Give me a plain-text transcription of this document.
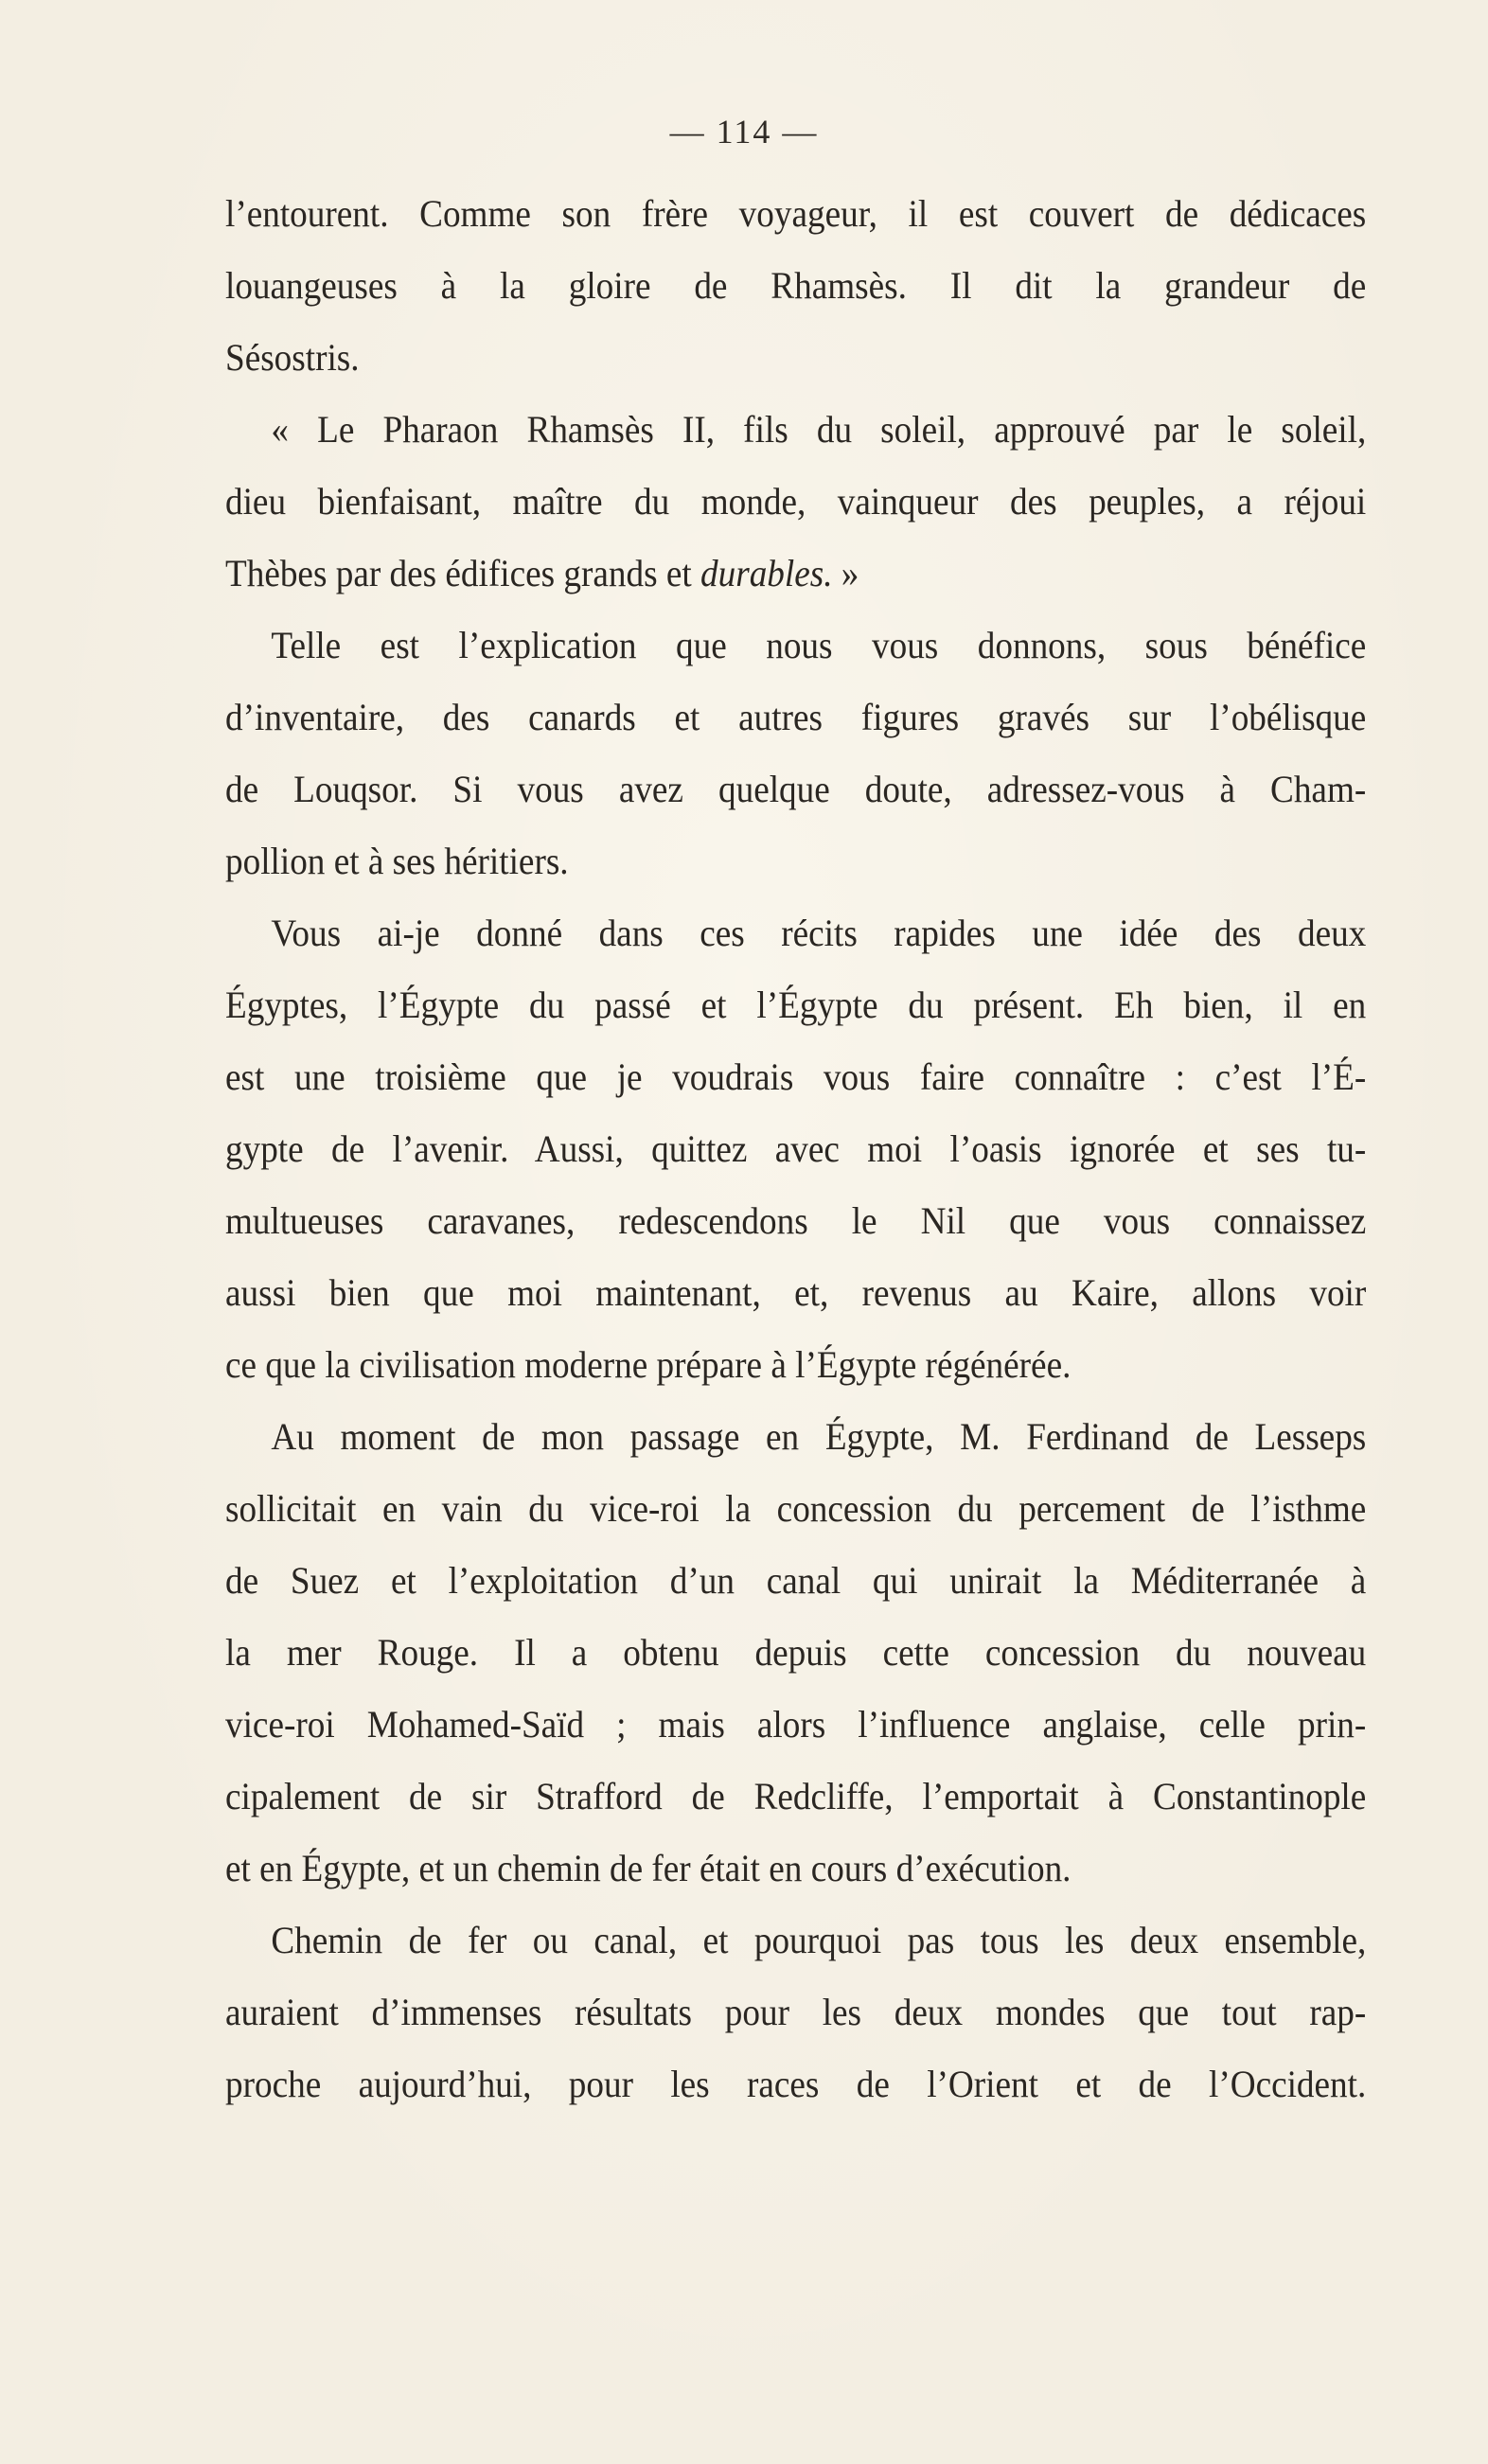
— 114 —
l’entourent. Comme son frère voyageur, il est couvert de dédicaces
louangeuses à la gloire de Rhamsès. Il dit la grandeur de
Sésostris.
« Le Pharaon Rhamsès II, fils du soleil, approuvé par le soleil,
dieu bienfaisant, maître du monde, vainqueur des peuples, a réjoui
Thèbes par des édifices grands et durables. »
Telle est l’explication que nous vous donnons, sous bénéfice
d’inventaire, des canards et autres figures gravés sur l’obélisque
de Louqsor. Si vous avez quelque doute, adressez-vous à Cham-
pollion et à ses héritiers.
Vous ai-je donné dans ces récits rapides une idée des deux
Égyptes, l’Égypte du passé et l’Égypte du présent. Eh bien, il en
est une troisième que je voudrais vous faire connaître : c’est l’É-
gypte de l’avenir. Aussi, quittez avec moi l’oasis ignorée et ses tu-
multueuses caravanes, redescendons le Nil que vous connaissez
aussi bien que moi maintenant, et, revenus au Kaire, allons voir
ce que la civilisation moderne prépare à l’Égypte régénérée.
Au moment de mon passage en Égypte, M. Ferdinand de Lesseps
sollicitait en vain du vice-roi la concession du percement de l’isthme
de Suez et l’exploitation d’un canal qui unirait la Méditerranée à
la mer Rouge. Il a obtenu depuis cette concession du nouveau
vice-roi Mohamed-Saïd ; mais alors l’influence anglaise, celle prin-
cipalement de sir Strafford de Redcliffe, l’emportait à Constantinople
et en Égypte, et un chemin de fer était en cours d’exécution.
Chemin de fer ou canal, et pourquoi pas tous les deux ensemble,
auraient d’immenses résultats pour les deux mondes que tout rap-
proche aujourd’hui, pour les races de l’Orient et de l’Occident.
